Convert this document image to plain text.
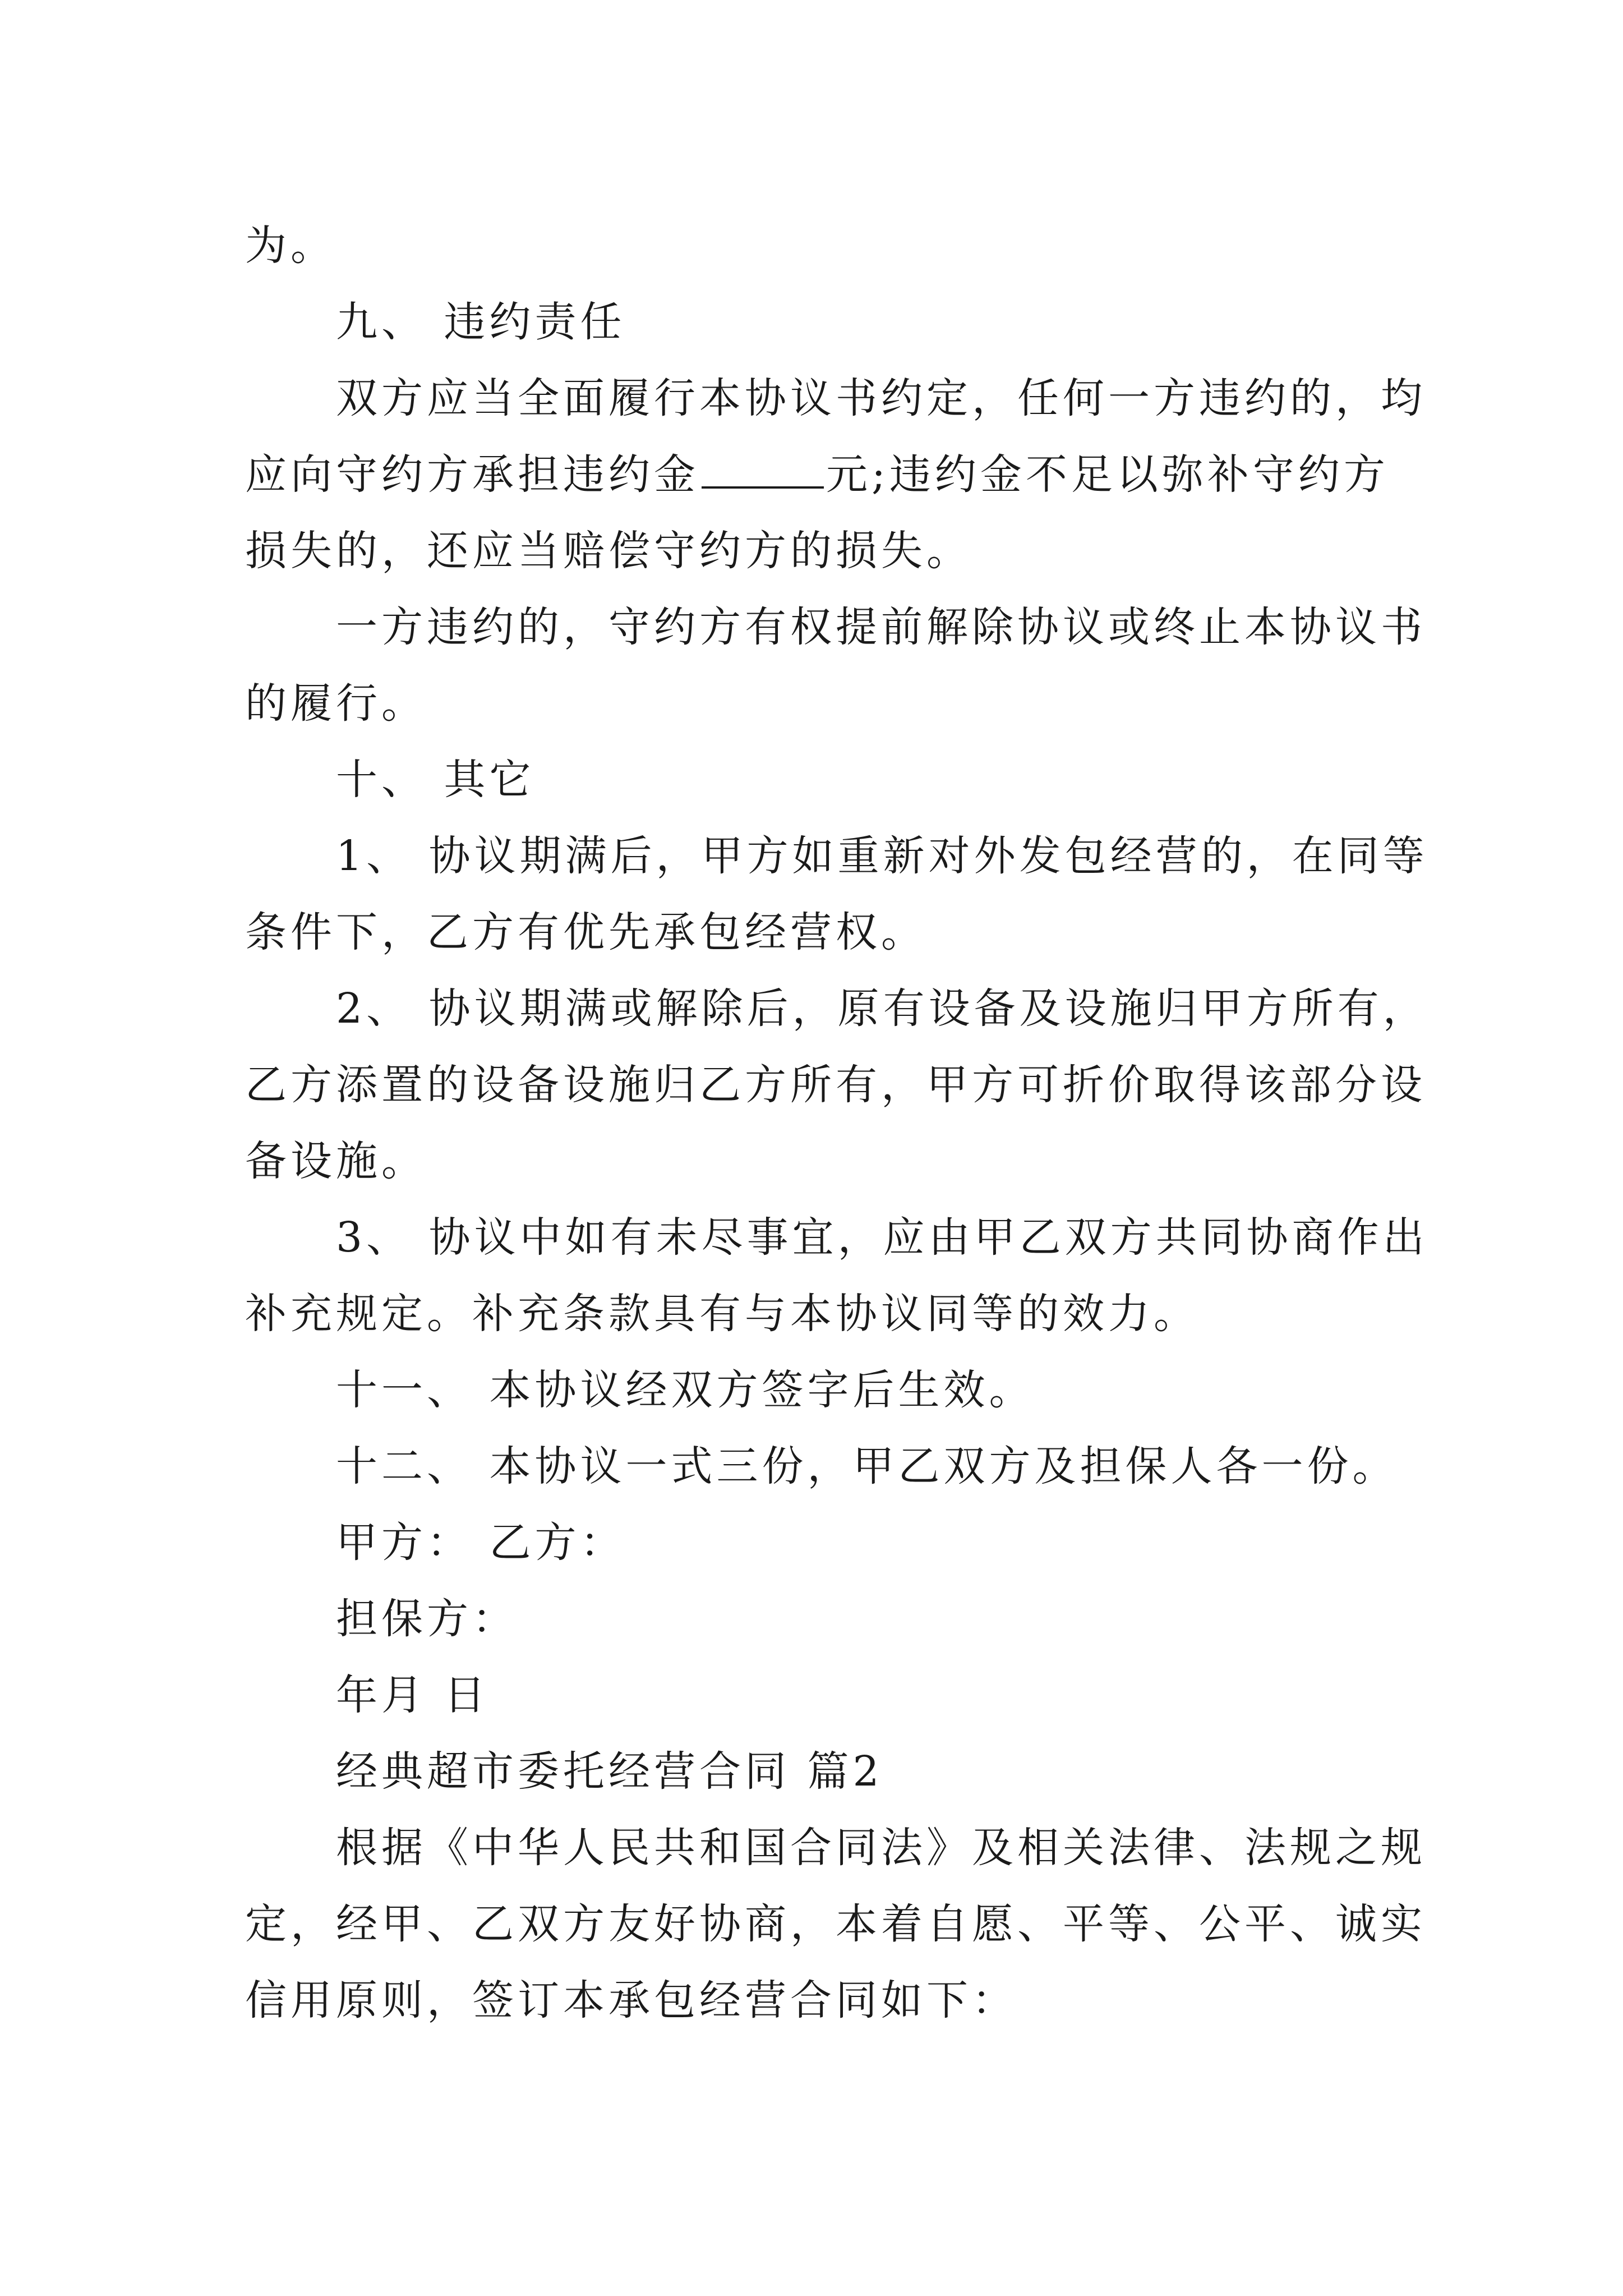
为。

九、 违约责任

双方应当全面履行本协议书约定，任何一方违约的，均

应向守约方承担违约金	元;违约金不足以弥补守约方

损失的，还应当赔偿守约方的损失。

一方违约的，守约方有权提前解除协议或终止本协议书

的履行。

十、 其它

1、 协议期满后，甲方如重新对外发包经营的，在同等

条件下，乙方有优先承包经营权。

2、 协议期满或解除后，原有设备及设施归甲方所有，

乙方添置的设备设施归乙方所有，甲方可折价取得该部分设

备设施。

3、 协议中如有未尽事宜，应由甲乙双方共同协商作出

补充规定。补充条款具有与本协议同等的效力。

十一、 本协议经双方签字后生效。

十二、 本协议一式三份，甲乙双方及担保人各一份。

甲方： 乙方：

担保方：

年月 日

经典超市委托经营合同 篇2

根据《中华人民共和国合同法》及相关法律、法规之规

定，经甲、乙双方友好协商，本着自愿、平等、公平、诚实

信用原则，签订本承包经营合同如下：
